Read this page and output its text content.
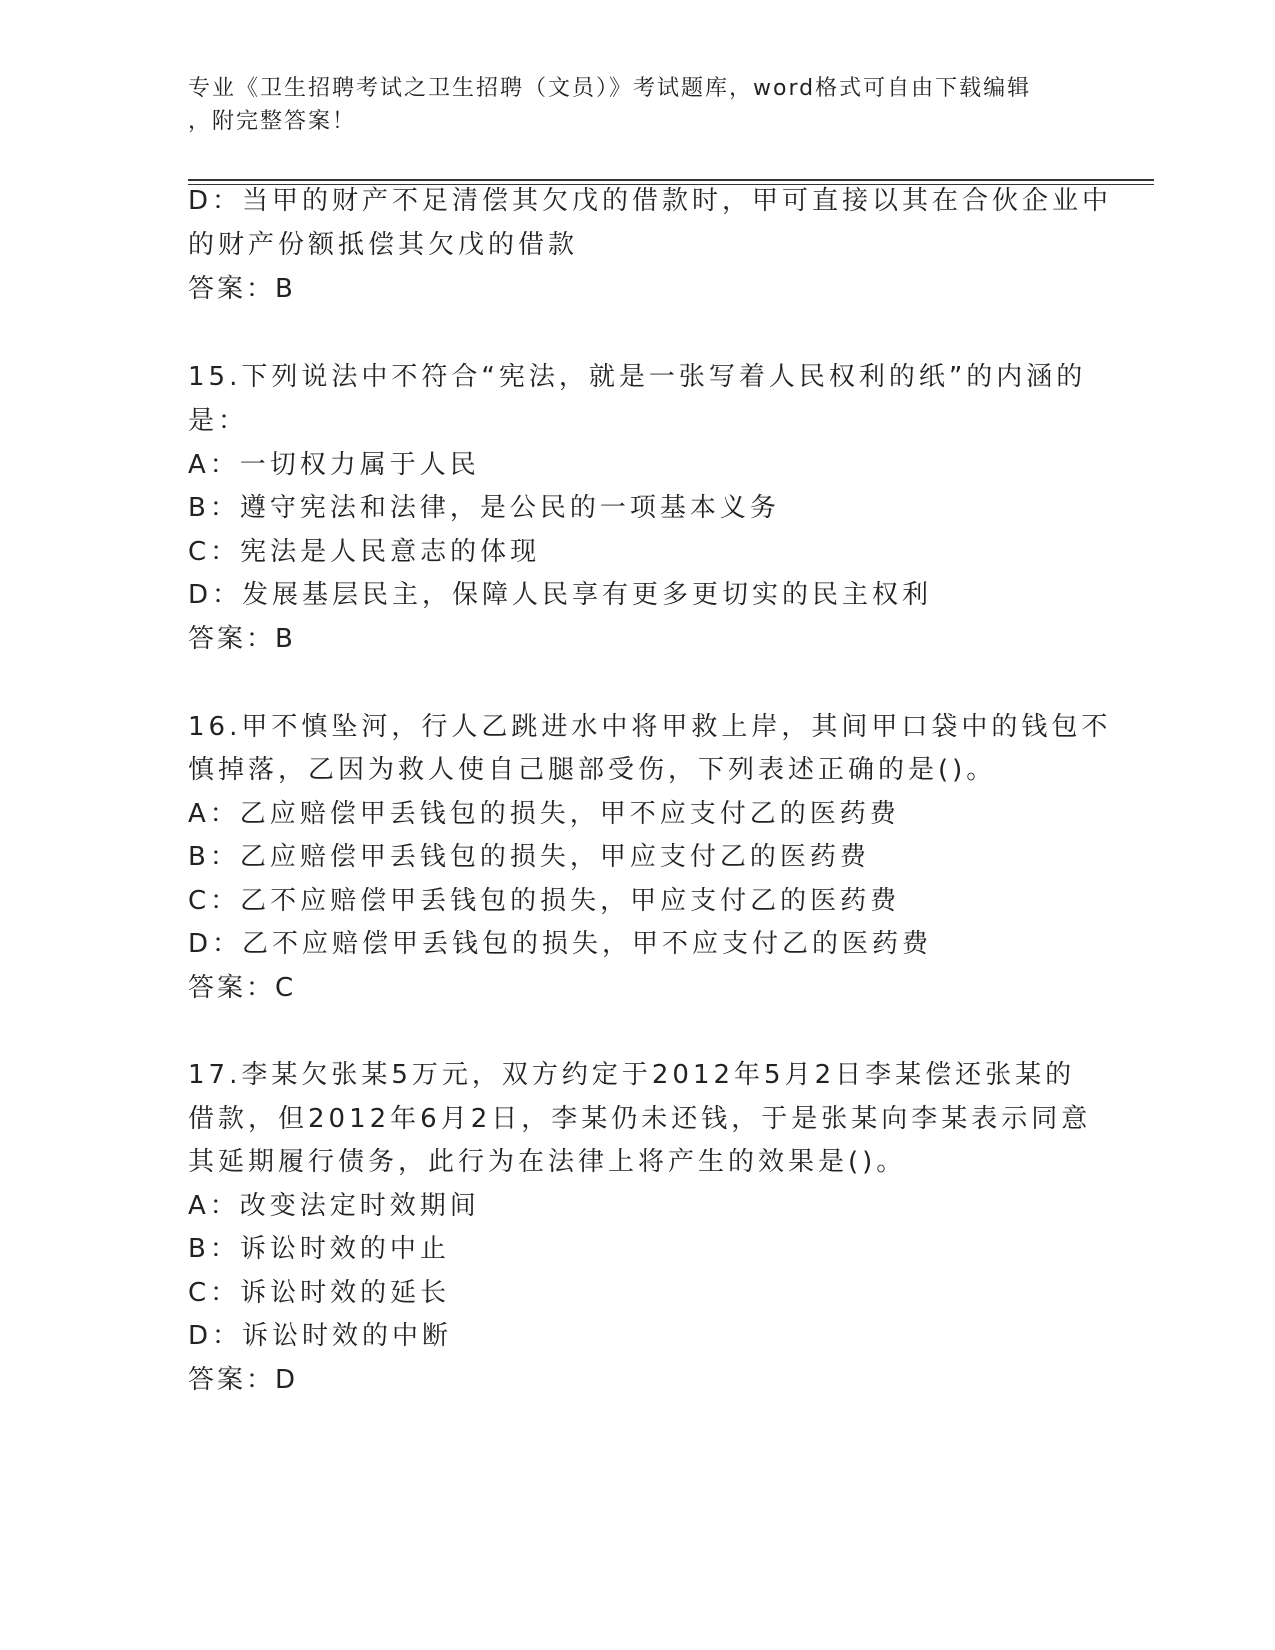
专业《卫生招聘考试之卫生招聘（文员）》考试题库，word格式可自由下载编辑
，附完整答案！
D：当甲的财产不足清偿其欠戊的借款时，甲可直接以其在合伙企业中
的财产份额抵偿其欠戊的借款
答案：B
15.下列说法中不符合“宪法，就是一张写着人民权利的纸”的内涵的
是：
A：一切权力属于人民
B：遵守宪法和法律，是公民的一项基本义务
C：宪法是人民意志的体现
D：发展基层民主，保障人民享有更多更切实的民主权利
答案：B
16.甲不慎坠河，行人乙跳进水中将甲救上岸，其间甲口袋中的钱包不
慎掉落，乙因为救人使自己腿部受伤，下列表述正确的是()。
A：乙应赔偿甲丢钱包的损失，甲不应支付乙的医药费
B：乙应赔偿甲丢钱包的损失，甲应支付乙的医药费
C：乙不应赔偿甲丢钱包的损失，甲应支付乙的医药费
D：乙不应赔偿甲丢钱包的损失，甲不应支付乙的医药费
答案：C
17.李某欠张某5万元，双方约定于2012年5月2日李某偿还张某的
借款，但2012年6月2日，李某仍未还钱，于是张某向李某表示同意
其延期履行债务，此行为在法律上将产生的效果是()。
A：改变法定时效期间
B：诉讼时效的中止
C：诉讼时效的延长
D：诉讼时效的中断
答案：D
